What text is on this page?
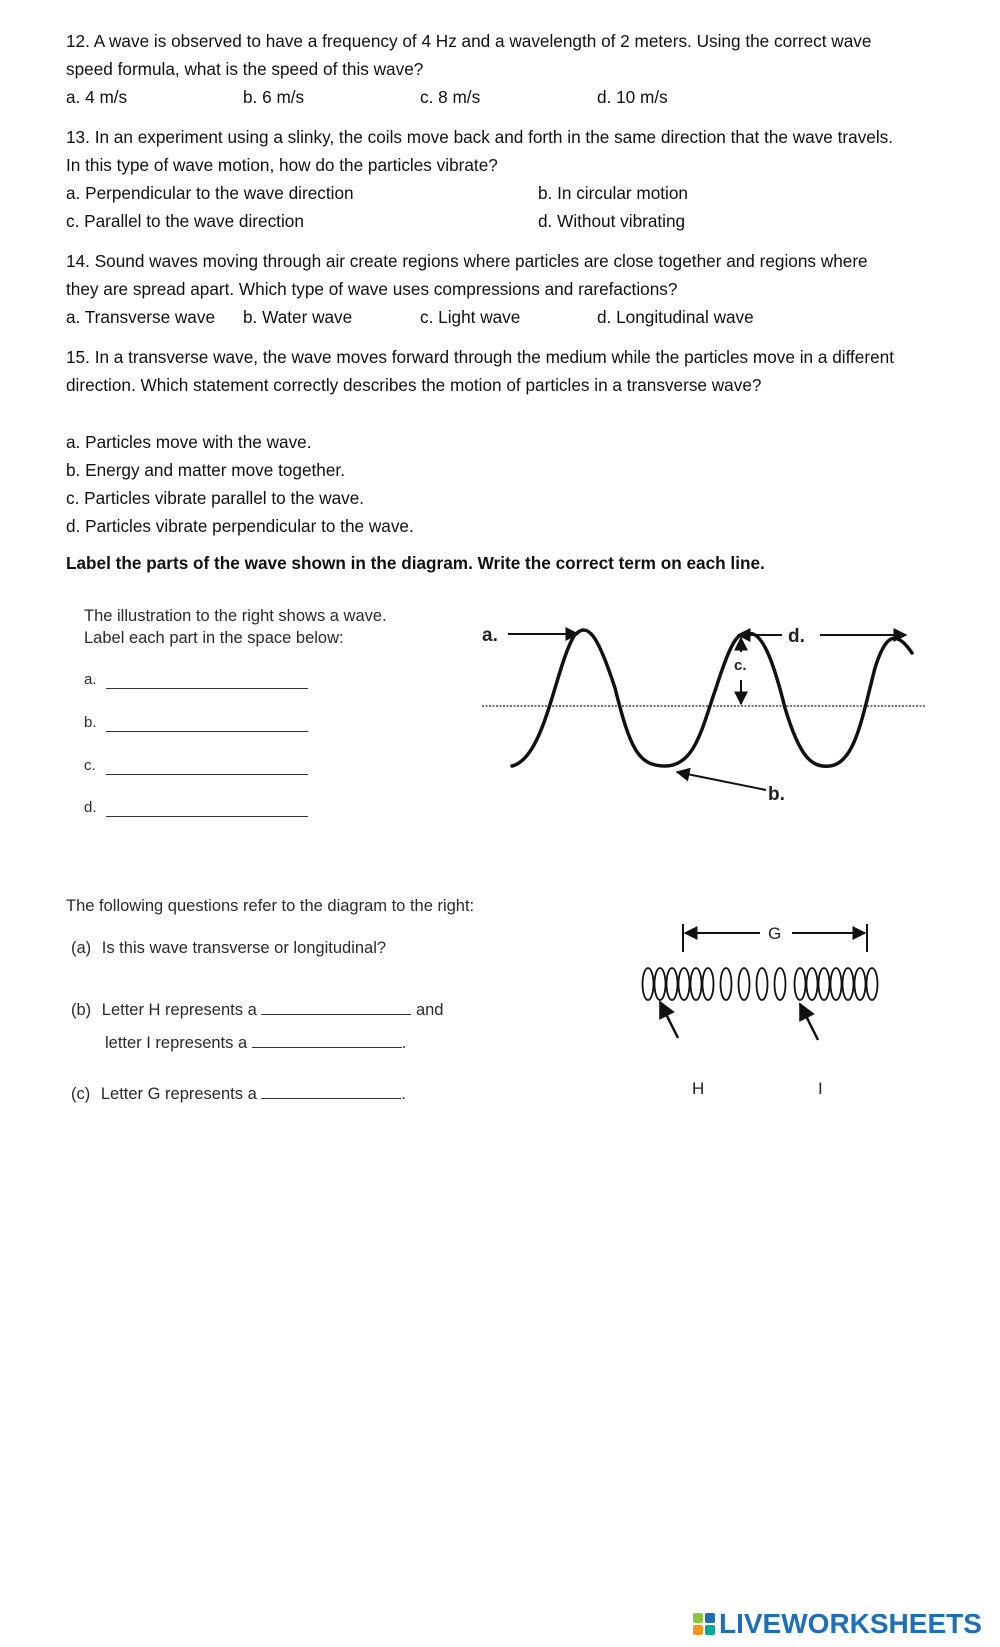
12. A wave is observed to have a frequency of 4 Hz and a wavelength of 2 meters. Using the correct wave speed formula, what is the speed of this wave?
a. 4 m/s	b. 6 m/s	c. 8 m/s	d. 10 m/s
13. In an experiment using a slinky, the coils move back and forth in the same direction that the wave travels. In this type of wave motion, how do the particles vibrate?
a. Perpendicular to the wave direction	b. In circular motion
c. Parallel to the wave direction	d. Without vibrating
14. Sound waves moving through air create regions where particles are close together and regions where they are spread apart. Which type of wave uses compressions and rarefactions?
a. Transverse wave b. Water wave	c. Light wave	d. Longitudinal wave
15. In a transverse wave, the wave moves forward through the medium while the particles move in a different direction. Which statement correctly describes the motion of particles in a transverse wave?
a. Particles move with the wave.
b. Energy and matter move together.
c. Particles vibrate parallel to the wave.
d. Particles vibrate perpendicular to the wave.
Label the parts of the wave shown in the diagram. Write the correct term on each line.
The illustration to the right shows a wave.
Label each part in the space below:
a.
b.
c.
d.
a.	d.
c.
b.
The following questions refer to the diagram to the right:
(a) Is this wave transverse or longitudinal?
(b) Letter H represents a	and
letter I represents a	.
(c) Letter G represents a	.
G
H	I
LIVEWORKSHEETS
